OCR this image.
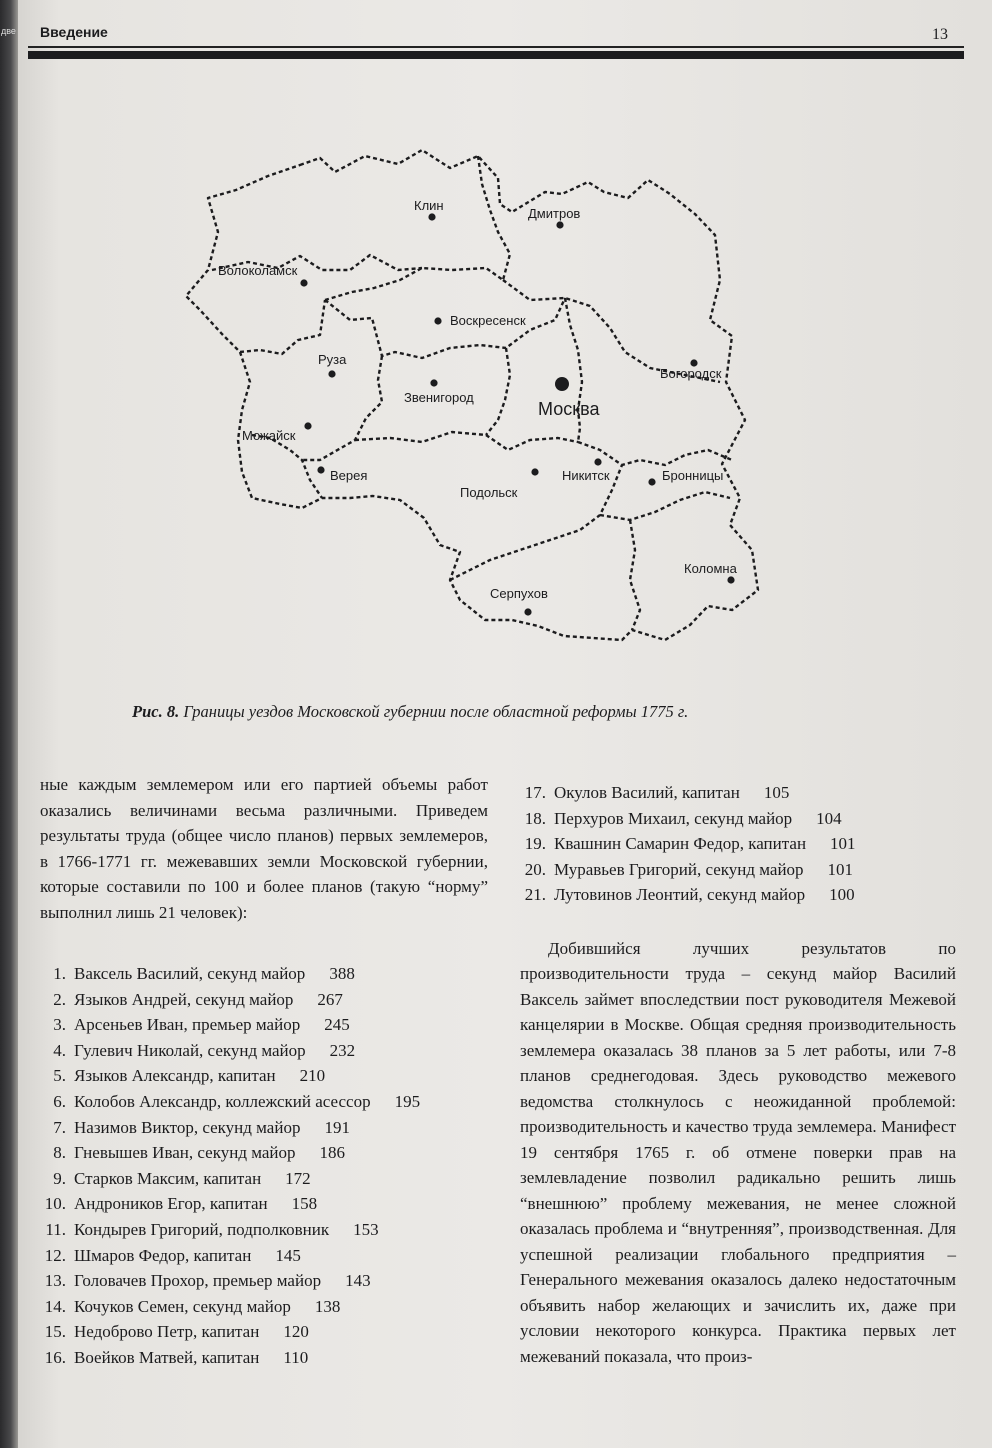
две Введение	13
Клин
Дмитров
Волоколамск
Воскресенск
Руза
Звенигород
Богородск
Можайск
Верея
Подольск
Никитск	Бронницы
Коломна
Серпухов
Москва
Рис. 8. Границы уездов Московской губернии после областной реформы 1775 г.

ные каждым землемером или его партией объемы работ оказались величинами весьма различными. Приведем результаты труда (общее число планов) первых землемеров, в 1766-1771 гг. межевавших земли Московской губернии, которые составили по 100 и более планов (такую “норму” выполнил лишь 21 человек):

1. Ваксель Василий, секунд майор 388
2. Языков Андрей, секунд майор 267
3. Арсеньев Иван, премьер майор 245
4. Гулевич Николай, секунд майор 232
5. Языков Александр, капитан 210
6. Колобов Александр, коллежский асессор 195
7. Назимов Виктор, секунд майор 191
8. Гневышев Иван, секунд майор 186
9. Старков Максим, капитан 172
10. Андроников Егор, капитан 158
11. Кондырев Григорий, подполковник 153
12. Шмаров Федор, капитан 145
13. Головачев Прохор, премьер майор 143
14. Кочуков Семен, секунд майор 138
15. Недоброво Петр, капитан 120
16. Воейков Матвей, капитан 110
17. Окулов Василий, капитан 105
18. Перхуров Михаил, секунд майор 104
19. Квашнин Самарин Федор, капитан 101
20. Муравьев Григорий, секунд майор 101
21. Лутовинов Леонтий, секунд майор 100

Добившийся лучших результатов по производительности труда – секунд майор Василий Ваксель займет впоследствии пост руководителя Межевой канцелярии в Москве. Общая средняя производительность землемера оказалась 38 планов за 5 лет работы, или 7-8 планов среднегодовая. Здесь руководство межевого ведомства столкнулось с неожиданной проблемой: производительность и качество труда землемера. Манифест 19 сентября 1765 г. об отмене поверки прав на землевладение позволил радикально решить лишь “внешнюю” проблему межевания, не менее сложной оказалась проблема и “внутренняя”, производственная. Для успешной реализации глобального предприятия – Генерального межевания оказалось далеко недостаточным объявить набор желающих и зачислить их, даже при условии некоторого конкурса. Практика первых лет межеваний показала, что произ-
